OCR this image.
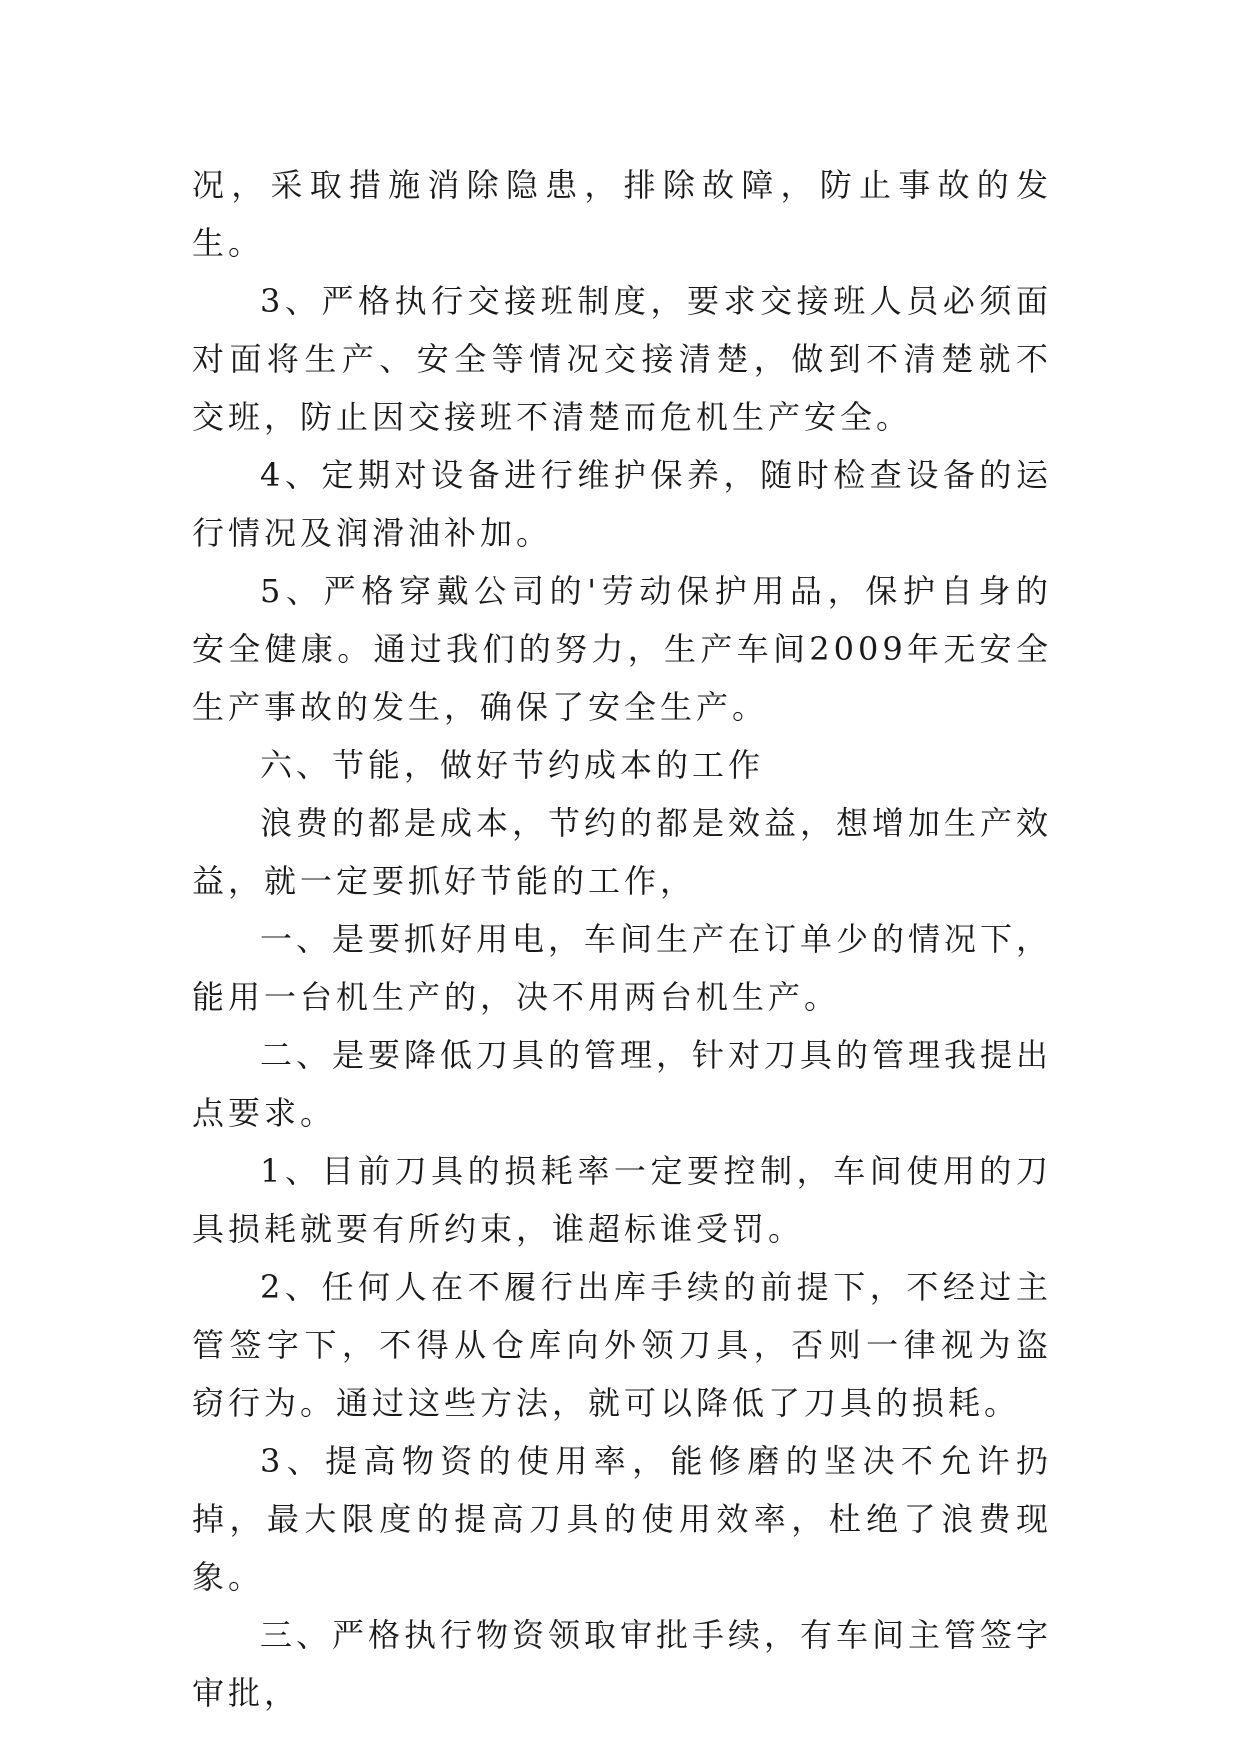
况，采取措施消除隐患，排除故障，防止事故的发生。

3、严格执行交接班制度，要求交接班人员必须面对面将生产、安全等情况交接清楚，做到不清楚就不交班，防止因交接班不清楚而危机生产安全。

4、定期对设备进行维护保养，随时检查设备的运行情况及润滑油补加。

5、严格穿戴公司的'劳动保护用品，保护自身的安全健康。通过我们的努力，生产车间2009年无安全生产事故的发生，确保了安全生产。

六、节能，做好节约成本的工作

浪费的都是成本，节约的都是效益，想增加生产效益，就一定要抓好节能的工作，

一、是要抓好用电，车间生产在订单少的情况下，能用一台机生产的，决不用两台机生产。

二、是要降低刀具的管理，针对刀具的管理我提出点要求。

1、目前刀具的损耗率一定要控制，车间使用的刀具损耗就要有所约束，谁超标谁受罚。

2、任何人在不履行出库手续的前提下，不经过主管签字下，不得从仓库向外领刀具，否则一律视为盗窃行为。通过这些方法，就可以降低了刀具的损耗。

3、提高物资的使用率，能修磨的坚决不允许扔掉，最大限度的提高刀具的使用效率，杜绝了浪费现象。

三、严格执行物资领取审批手续，有车间主管签字审批，
